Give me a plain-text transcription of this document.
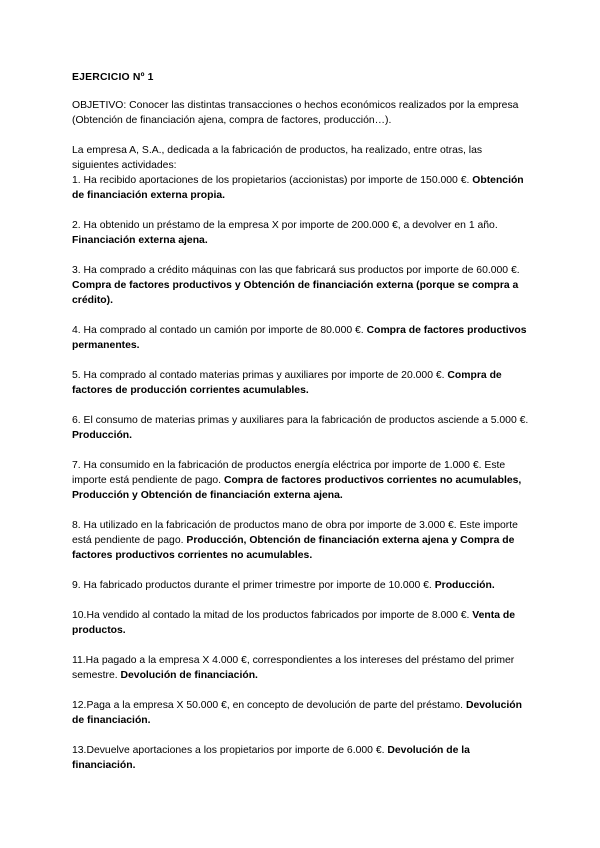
EJERCICIO Nº 1

OBJETIVO: Conocer las distintas transacciones o hechos económicos realizados por la empresa (Obtención de financiación ajena, compra de factores, producción…).

La empresa A, S.A., dedicada a la fabricación de productos, ha realizado, entre otras, las siguientes actividades:

1. Ha recibido aportaciones de los propietarios (accionistas) por importe de 150.000 €. Obtención de financiación externa propia.

2. Ha obtenido un préstamo de la empresa X por importe de 200.000 €, a devolver en 1 año. Financiación externa ajena.

3. Ha comprado a crédito máquinas con las que fabricará sus productos por importe de 60.000 €. Compra de factores productivos y Obtención de financiación externa (porque se compra a crédito).

4. Ha comprado al contado un camión por importe de 80.000 €. Compra de factores productivos permanentes.

5. Ha comprado al contado materias primas y auxiliares por importe de 20.000 €. Compra de factores de producción corrientes acumulables.

6. El consumo de materias primas y auxiliares para la fabricación de productos asciende a 5.000 €. Producción.

7. Ha consumido en la fabricación de productos energía eléctrica por importe de 1.000 €. Este importe está pendiente de pago. Compra de factores productivos corrientes no acumulables, Producción y Obtención de financiación externa ajena.

8. Ha utilizado en la fabricación de productos mano de obra por importe de 3.000 €. Este importe está pendiente de pago. Producción, Obtención de financiación externa ajena y Compra de factores productivos corrientes no acumulables.

9. Ha fabricado productos durante el primer trimestre por importe de 10.000 €. Producción.

10.Ha vendido al contado la mitad de los productos fabricados por importe de 8.000 €. Venta de productos.

11.Ha pagado a la empresa X 4.000 €, correspondientes a los intereses del préstamo del primer semestre. Devolución de financiación.

12.Paga a la empresa X 50.000 €, en concepto de devolución de parte del préstamo. Devolución de financiación.

13.Devuelve aportaciones a los propietarios por importe de 6.000 €. Devolución de la financiación.
